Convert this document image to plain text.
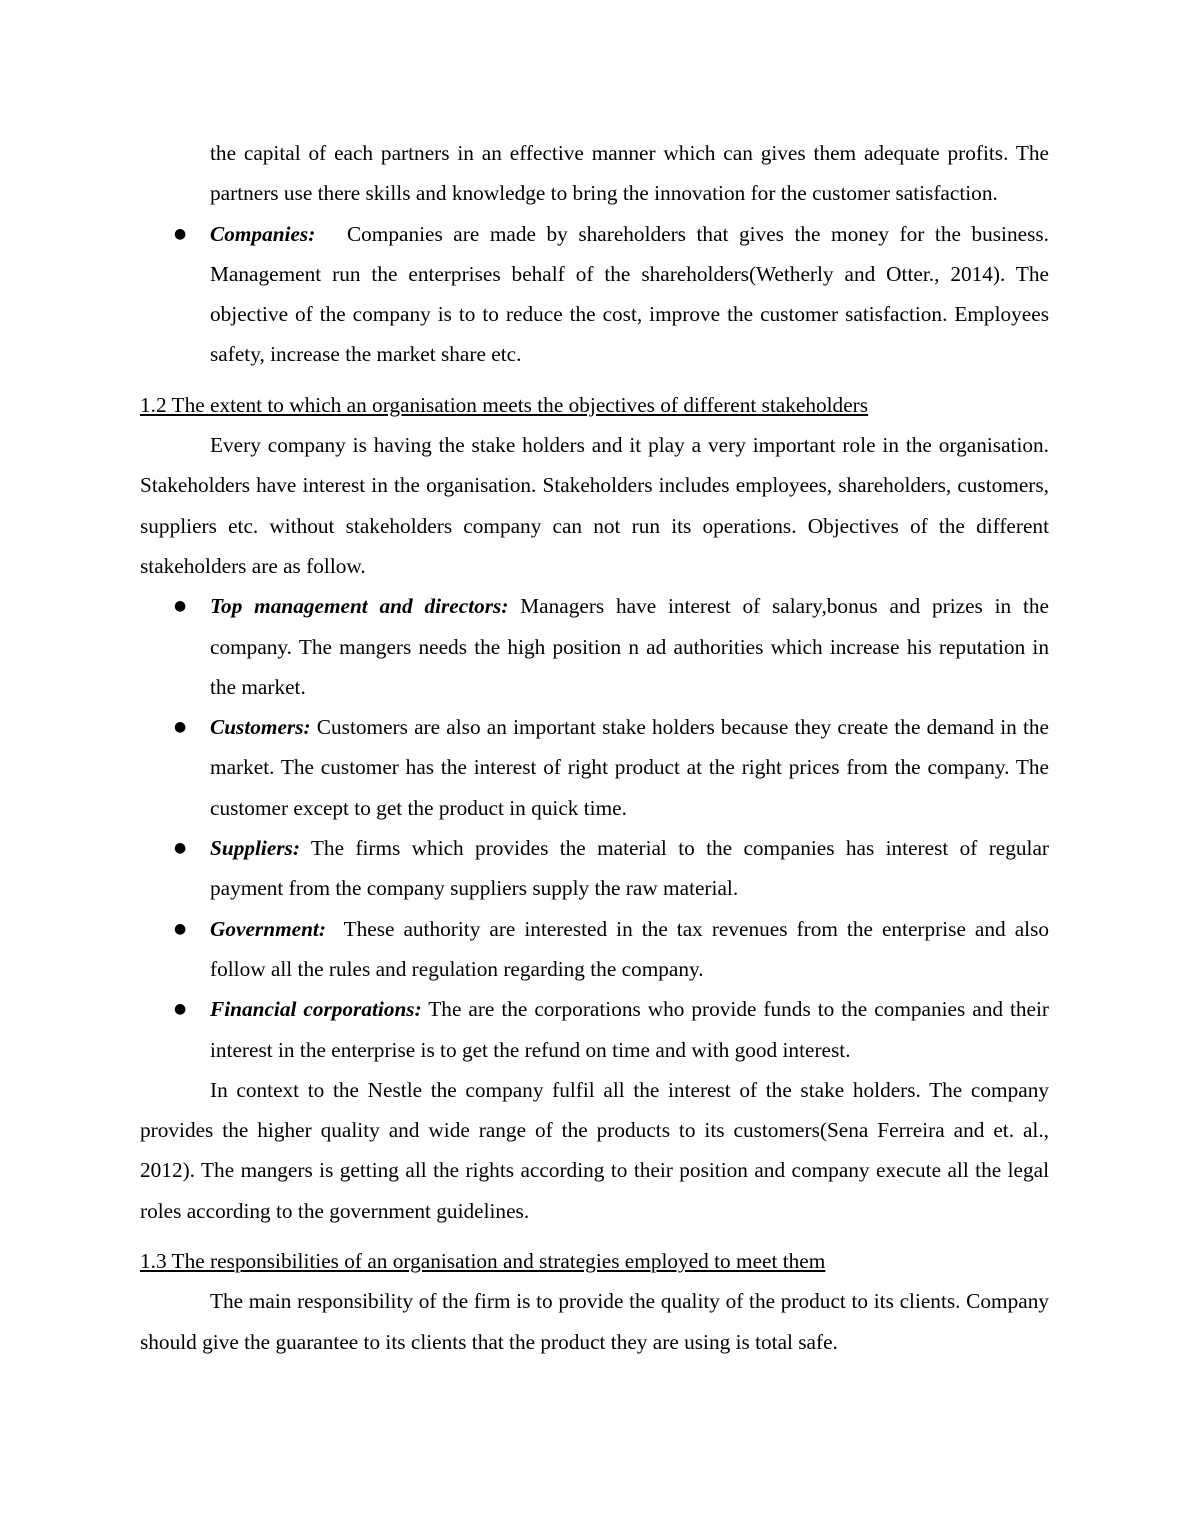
the capital of each partners in an effective manner which can gives them adequate profits. The partners use there skills and knowledge to bring the innovation for the customer satisfaction.

● Companies: Companies are made by shareholders that gives the money for the business. Management run the enterprises behalf of the shareholders(Wetherly and Otter., 2014). The objective of the company is to to reduce the cost, improve the customer satisfaction. Employees safety, increase the market share etc.
1.2 The extent to which an organisation meets the objectives of different stakeholders

Every company is having the stake holders and it play a very important role in the organisation. Stakeholders have interest in the organisation. Stakeholders includes employees, shareholders, customers, suppliers etc. without stakeholders company can not run its operations. Objectives of the different stakeholders are as follow.

● Top management and directors: Managers have interest of salary,bonus and prizes in the company. The mangers needs the high position n ad authorities which increase his reputation in the market.
● Customers: Customers are also an important stake holders because they create the demand in the market. The customer has the interest of right product at the right prices from the company. The customer except to get the product in quick time.
● Suppliers: The firms which provides the material to the companies has interest of regular payment from the company suppliers supply the raw material.
● Government: These authority are interested in the tax revenues from the enterprise and also follow all the rules and regulation regarding the company.
● Financial corporations: The are the corporations who provide funds to the companies and their interest in the enterprise is to get the refund on time and with good interest.

In context to the Nestle the company fulfil all the interest of the stake holders. The company provides the higher quality and wide range of the products to its customers(Sena Ferreira and et. al., 2012). The mangers is getting all the rights according to their position and company execute all the legal roles according to the government guidelines.

1.3 The responsibilities of an organisation and strategies employed to meet them

The main responsibility of the firm is to provide the quality of the product to its clients. Company should give the guarantee to its clients that the product they are using is total safe.
